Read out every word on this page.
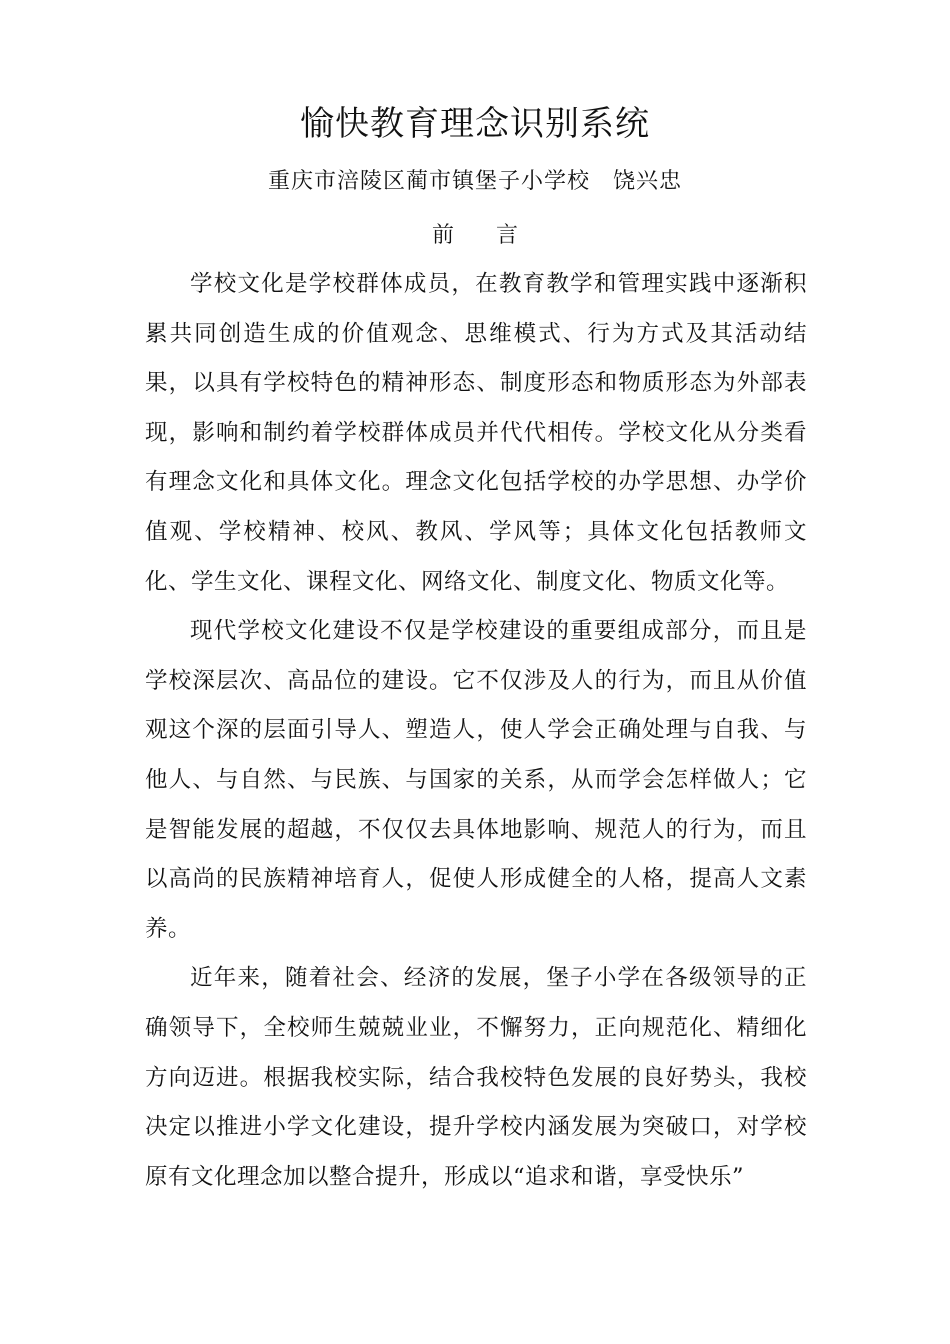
愉快教育理念识别系统
重庆市涪陵区蔺市镇堡子小学校　饶兴忠
前 言

学校文化是学校群体成员，在教育教学和管理实践中逐渐积累共同创造生成的价值观念、思维模式、行为方式及其活动结果，以具有学校特色的精神形态、制度形态和物质形态为外部表现，影响和制约着学校群体成员并代代相传。学校文化从分类看有理念文化和具体文化。理念文化包括学校的办学思想、办学价值观、学校精神、校风、教风、学风等；具体文化包括教师文化、学生文化、课程文化、网络文化、制度文化、物质文化等。

现代学校文化建设不仅是学校建设的重要组成部分，而且是学校深层次、高品位的建设。它不仅涉及人的行为，而且从价值观这个深的层面引导人、塑造人，使人学会正确处理与自我、与他人、与自然、与民族、与国家的关系，从而学会怎样做人；它是智能发展的超越，不仅仅去具体地影响、规范人的行为，而且以高尚的民族精神培育人，促使人形成健全的人格，提高人文素养。

近年来，随着社会、经济的发展，堡子小学在各级领导的正确领导下，全校师生兢兢业业，不懈努力，正向规范化、精细化方向迈进。根据我校实际，结合我校特色发展的良好势头，我校决定以推进小学文化建设，提升学校内涵发展为突破口，对学校原有文化理念加以整合提升，形成以“追求和谐，享受快乐”
